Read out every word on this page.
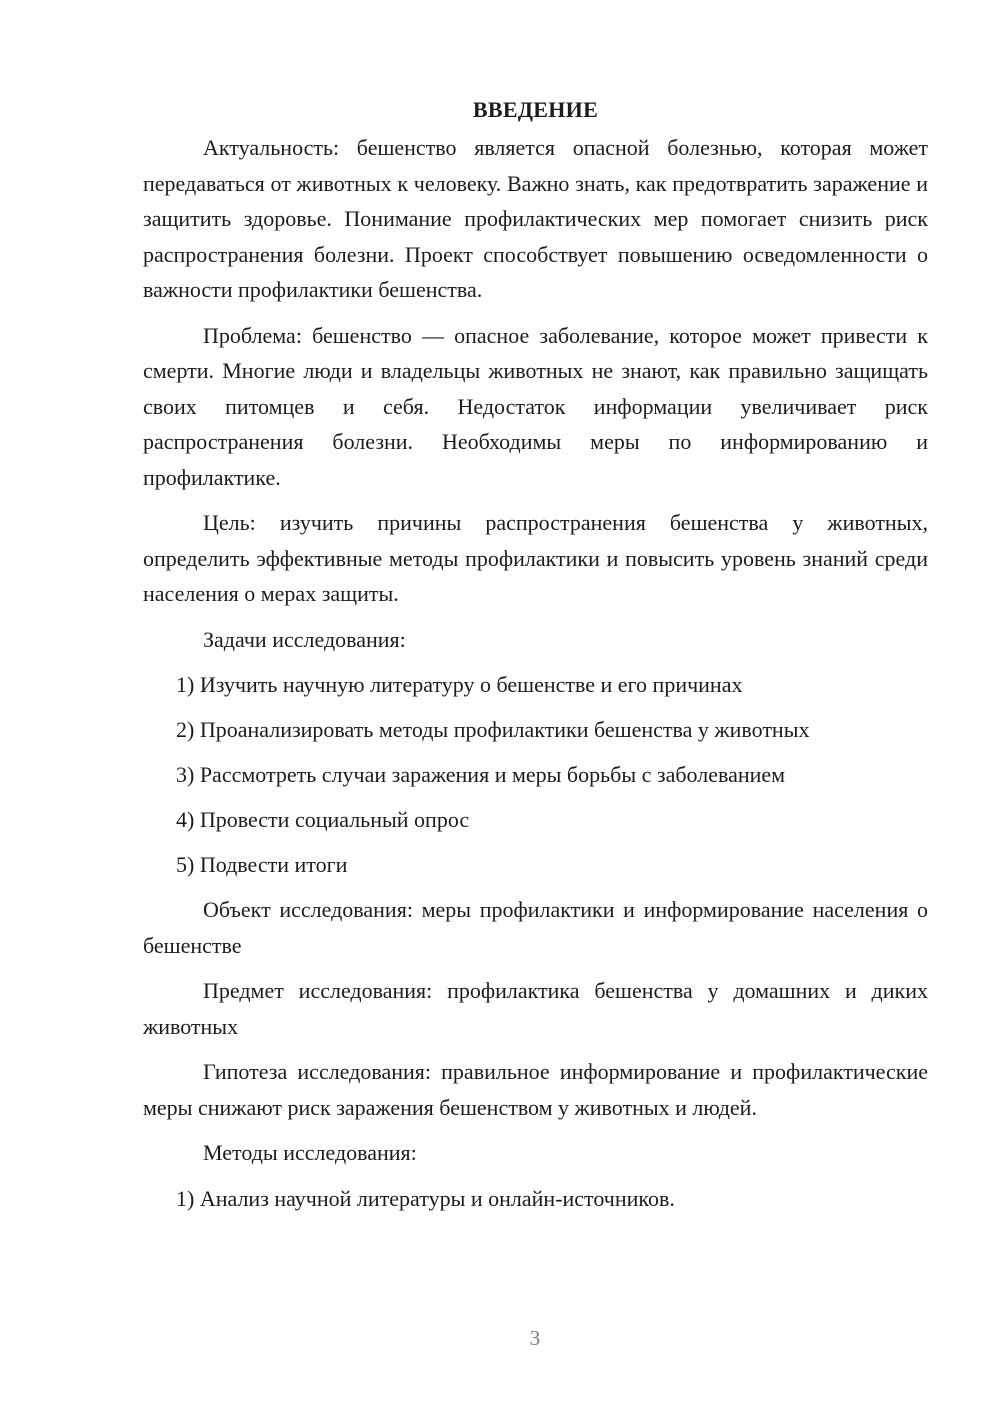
ВВЕДЕНИЕ

Актуальность: бешенство является опасной болезнью, которая может передаваться от животных к человеку. Важно знать, как предотвратить заражение и защитить здоровье. Понимание профилактических мер помогает снизить риск распространения болезни. Проект способствует повышению осведомленности о важности профилактики бешенства.

Проблема: бешенство — опасное заболевание, которое может привести к смерти. Многие люди и владельцы животных не знают, как правильно защищать своих питомцев и себя. Недостаток информации увеличивает риск распространения болезни. Необходимы меры по информированию и профилактике.

Цель: изучить причины распространения бешенства у животных, определить эффективные методы профилактики и повысить уровень знаний среди населения о мерах защиты.

Задачи исследования:

1) Изучить научную литературу о бешенстве и его причинах
2) Проанализировать методы профилактики бешенства у животных
3) Рассмотреть случаи заражения и меры борьбы с заболеванием
4) Провести социальный опрос
5) Подвести итоги

Объект исследования: меры профилактики и информирование населения о бешенстве

Предмет исследования: профилактика бешенства у домашних и диких животных

Гипотеза исследования: правильное информирование и профилактические меры снижают риск заражения бешенством у животных и людей.

Методы исследования:

1) Анализ научной литературы и онлайн-источников.
3
